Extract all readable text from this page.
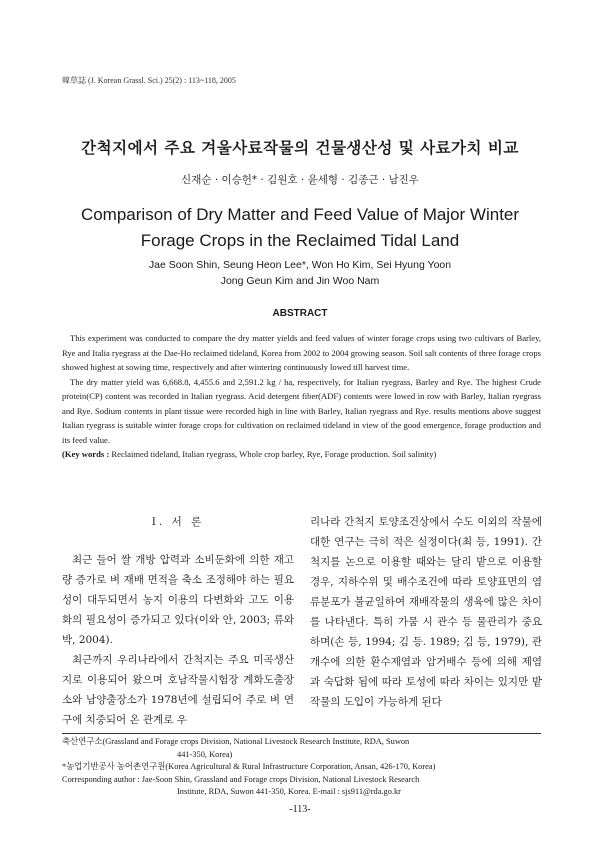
韓草誌 (J. Korean Grassl. Sci.) 25(2) : 113~118, 2005
간척지에서 주요 겨울사료작물의 건물생산성 및 사료가치 비교
신재순 · 이승헌* · 김원호 · 윤세형 · 김종근 · 남진우
Comparison of Dry Matter and Feed Value of Major Winter
Forage Crops in the Reclaimed Tidal Land
Jae Soon Shin, Seung Heon Lee*, Won Ho Kim, Sei Hyung Yoon
Jong Geun Kim and Jin Woo Nam
ABSTRACT

This experiment was conducted to compare the dry matter yields and feed values of winter forage crops using two cultivars of Barley, Rye and Italia ryegrass at the Dae-Ho reclaimed tideland, Korea from 2002 to 2004 growing season. Soil salt contents of three forage crops showed highest at sowing time, respectively and after wintering continuously lowed till harvest time.

The dry matter yield was 6,668.8, 4,455.6 and 2,591.2 kg / ha, respectively, for Italian ryegrass, Barley and Rye. The highest Crude protein(CP) content was recorded in Italian ryegrass. Acid detergent fiber(ADF) contents were lowed in row with Barley, Italian ryegrass and Rye. Sodium contents in plant tissue were recorded high in line with Barley, Italian ryegrass and Rye. results mentions above suggest Italian ryegrass is suitable winter forage crops for cultivation on reclaimed tideland in view of the good emergence, forage production and its feed value.

(Key words : Reclaimed tideland, Italian ryegrass, Whole crop barley, Rye, Forage production. Soil salinity)

I. 서 론

최근 들어 쌀 개방 압력과 소비둔화에 의한 재고량 증가로 벼 재배 면적을 축소 조정해야 하는 필요성이 대두되면서 농지 이용의 다변화와 고도 이용화의 필요성이 증가되고 있다(이와 안, 2003; 류와 박, 2004).

최근까지 우리나라에서 간척지는 주요 미곡생산지로 이용되어 왔으며 호남작물시험장 계화도출장소와 남양출장소가 1978년에 설립되어 주로 벼 연구에 치중되어 온 관계로 우

리나라 간척지 토양조건상에서 수도 이외의 작물에 대한 연구는 극히 적은 실정이다(최 등, 1991). 간척지를 논으로 이용할 때와는 달리 밭으로 이용할 경우, 지하수위 및 배수조건에 따라 토양표면의 염류분포가 불균일하여 재배작물의 생육에 많은 차이를 나타낸다. 특히 가뭄 시 관수 등 물관리가 중요하며(손 등, 1994; 김 등. 1989; 김 등, 1979), 관개수에 의한 환수제염과 암거배수 등에 의해 제염과 숙답화 됨에 따라 토성에 따라 차이는 있지만 밭작물의 도입이 가능하게 된다

축산연구소(Grassland and Forage crops Division, National Livestock Research Institute, RDA, Suwon
441-350, Korea)
*농업기반공사 농어촌연구원(Korea Agricultural & Rural Infrastructure Corporation, Ansan, 426-170, Korea)
Corresponding author : Jae-Soon Shin, Grassland and Forage crops Division, National Livestock Research
Institute, RDA, Suwon 441-350, Korea. E-mail : sjs911@rda.go.kr
-113-
